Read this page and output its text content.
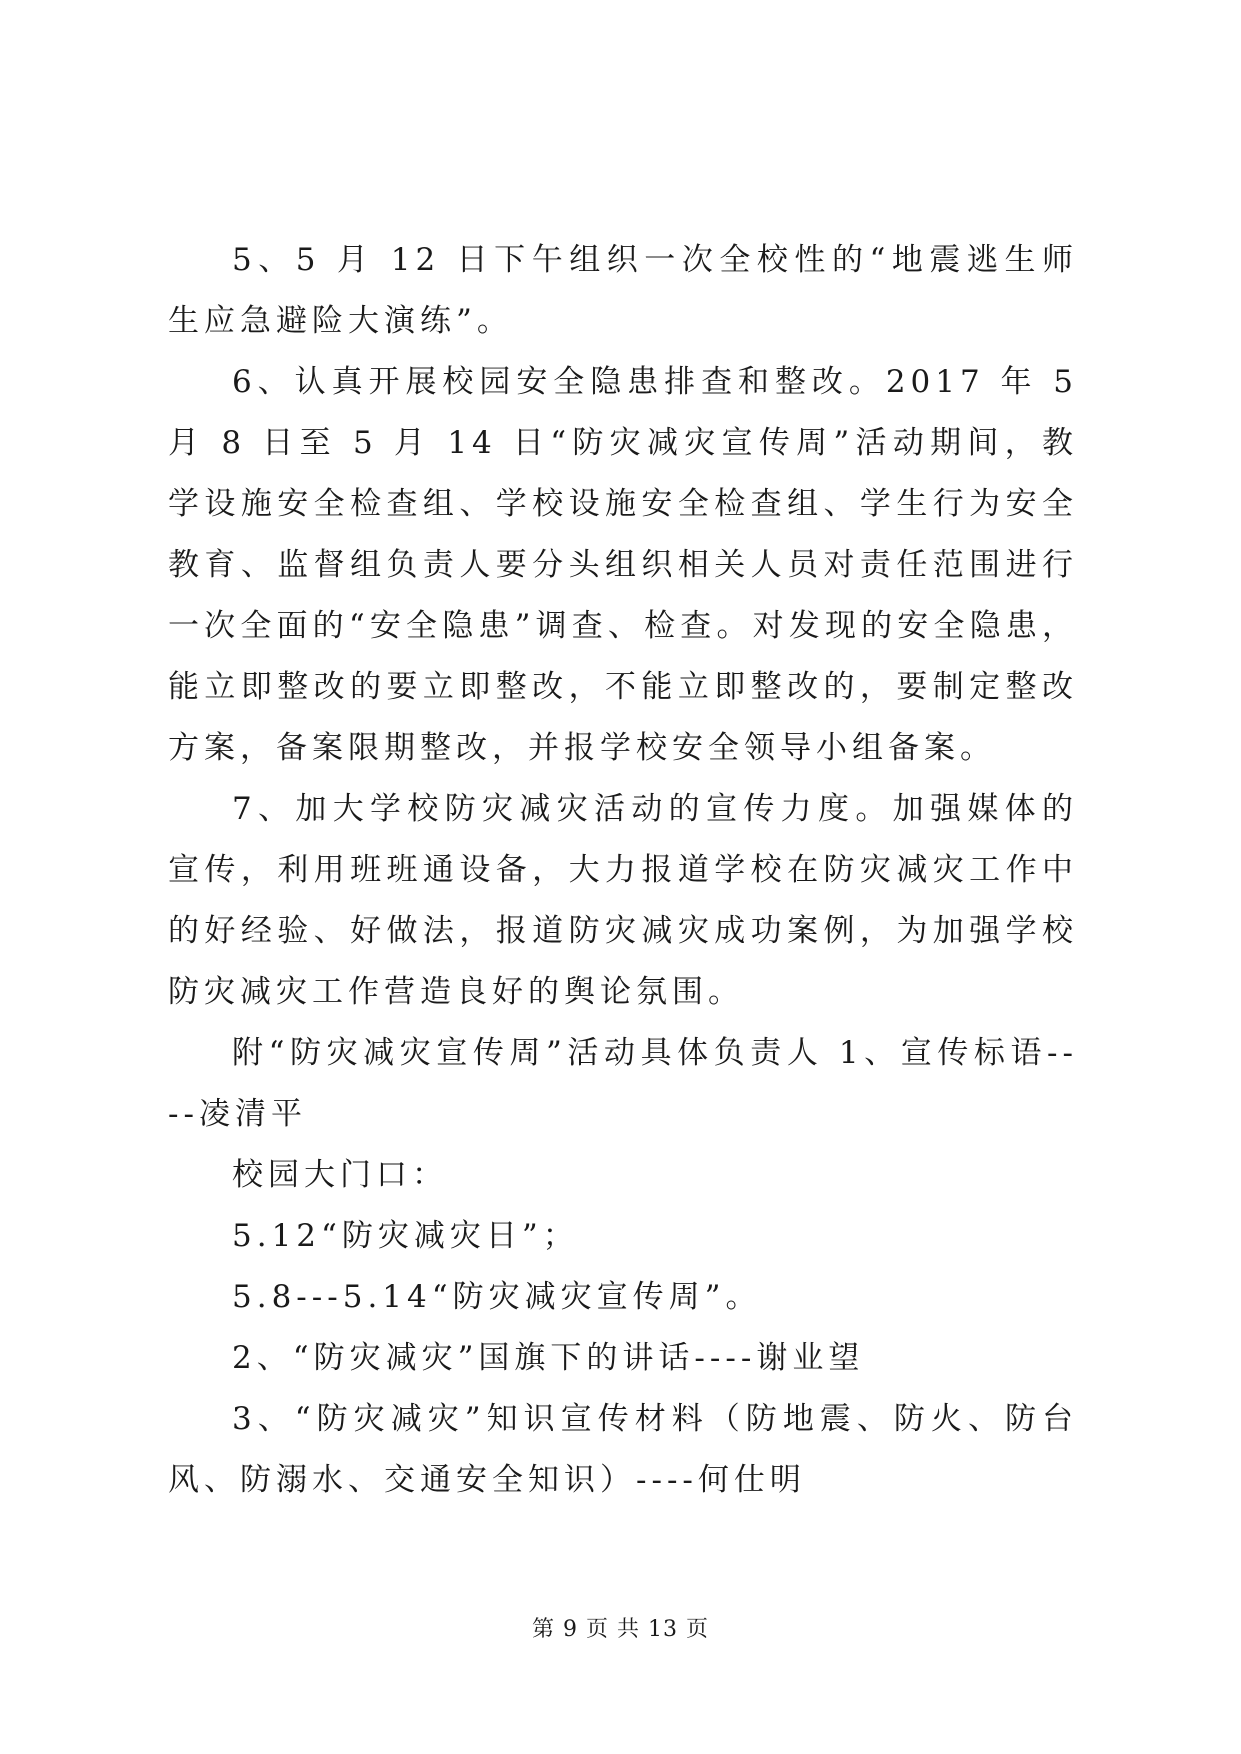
5、5 月 12 日下午组织一次全校性的“地震逃生师生应急避险大演练”。

6、认真开展校园安全隐患排查和整改。2017 年 5 月 8 日至 5 月 14 日“防灾减灾宣传周”活动期间，教学设施安全检查组、学校设施安全检查组、学生行为安全教育、监督组负责人要分头组织相关人员对责任范围进行一次全面的“安全隐患”调查、检查。对发现的安全隐患，能立即整改的要立即整改，不能立即整改的，要制定整改方案，备案限期整改，并报学校安全领导小组备案。

7、加大学校防灾减灾活动的宣传力度。加强媒体的宣传，利用班班通设备，大力报道学校在防灾减灾工作中的好经验、好做法，报道防灾减灾成功案例，为加强学校防灾减灾工作营造良好的舆论氛围。

附“防灾减灾宣传周”活动具体负责人 1、宣传标语----凌清平

校园大门口：

5.12“防灾减灾日”；

5.8---5.14“防灾减灾宣传周”。

2、“防灾减灾”国旗下的讲话----谢业望

3、“防灾减灾”知识宣传材料（防地震、防火、防台风、防溺水、交通安全知识）----何仕明

第 9 页 共 13 页
